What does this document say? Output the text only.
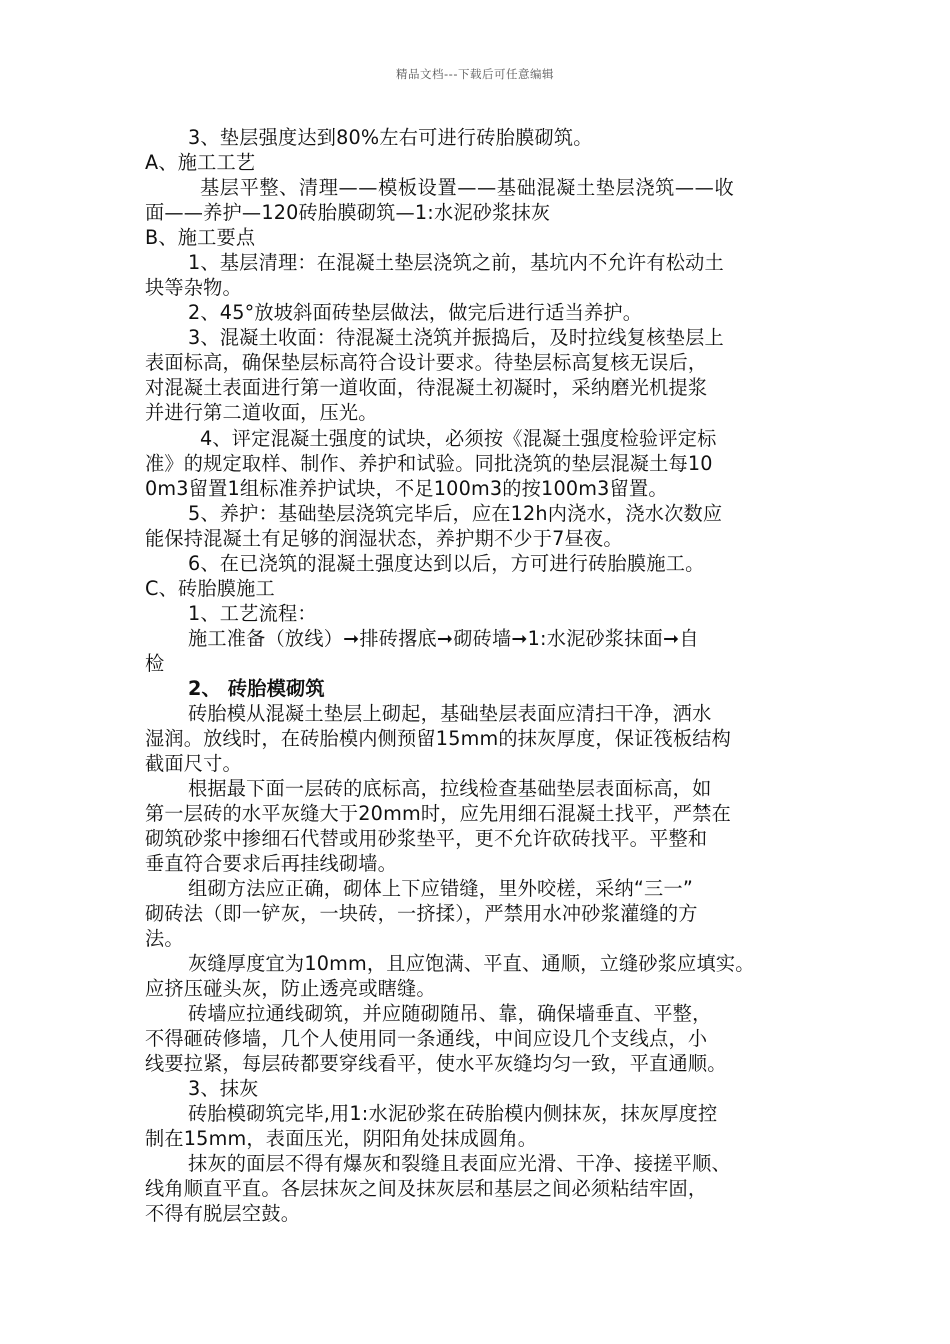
精品文档---下载后可任意编辑

3、垫层强度达到80%左右可进行砖胎膜砌筑。

A、施工工艺

基层平整、清理——模板设置——基础混凝土垫层浇筑——收

面——养护—120砖胎膜砌筑—1:水泥砂浆抹灰

B、施工要点

1、基层清理：在混凝土垫层浇筑之前，基坑内不允许有松动土

块等杂物。

2、45°放坡斜面砖垫层做法，做完后进行适当养护。

3、混凝土收面：待混凝土浇筑并振捣后，及时拉线复核垫层上

表面标高，确保垫层标高符合设计要求。待垫层标高复核无误后，

对混凝土表面进行第一道收面，待混凝土初凝时，采纳磨光机提浆

并进行第二道收面，压光。

4、评定混凝土强度的试块，必须按《混凝土强度检验评定标

准》的规定取样、制作、养护和试验。同批浇筑的垫层混凝土每10

0m3留置1组标准养护试块，不足100m3的按100m3留置。

5、养护：基础垫层浇筑完毕后，应在12h内浇水，浇水次数应

能保持混凝土有足够的润湿状态，养护期不少于7昼夜。

6、在已浇筑的混凝土强度达到以后，方可进行砖胎膜施工。

C、砖胎膜施工

1、工艺流程：

施工准备（放线）➞排砖撂底➞砌砖墙➞1:水泥砂浆抹面➞自

检

2、 砖胎模砌筑

砖胎模从混凝土垫层上砌起，基础垫层表面应清扫干净，洒水

湿润。放线时，在砖胎模内侧预留15mm的抹灰厚度，保证筏板结构

截面尺寸。

根据最下面一层砖的底标高，拉线检查基础垫层表面标高，如

第一层砖的水平灰缝大于20mm时，应先用细石混凝土找平，严禁在

砌筑砂浆中掺细石代替或用砂浆垫平，更不允许砍砖找平。平整和

垂直符合要求后再挂线砌墙。

组砌方法应正确，砌体上下应错缝，里外咬槎，采纳“三一”

砌砖法（即一铲灰，一块砖，一挤揉），严禁用水冲砂浆灌缝的方

法。

灰缝厚度宜为10mm，且应饱满、平直、通顺，立缝砂浆应填实。

应挤压碰头灰，防止透亮或瞎缝。

砖墙应拉通线砌筑，并应随砌随吊、靠，确保墙垂直、平整，

不得砸砖修墙，几个人使用同一条通线，中间应设几个支线点，小

线要拉紧，每层砖都要穿线看平，使水平灰缝均匀一致，平直通顺。

3、抹灰

砖胎模砌筑完毕,用1:水泥砂浆在砖胎模内侧抹灰，抹灰厚度控

制在15mm，表面压光，阴阳角处抹成圆角。

抹灰的面层不得有爆灰和裂缝且表面应光滑、干净、接搓平顺、

线角顺直平直。各层抹灰之间及抹灰层和基层之间必须粘结牢固，

不得有脱层空鼓。
